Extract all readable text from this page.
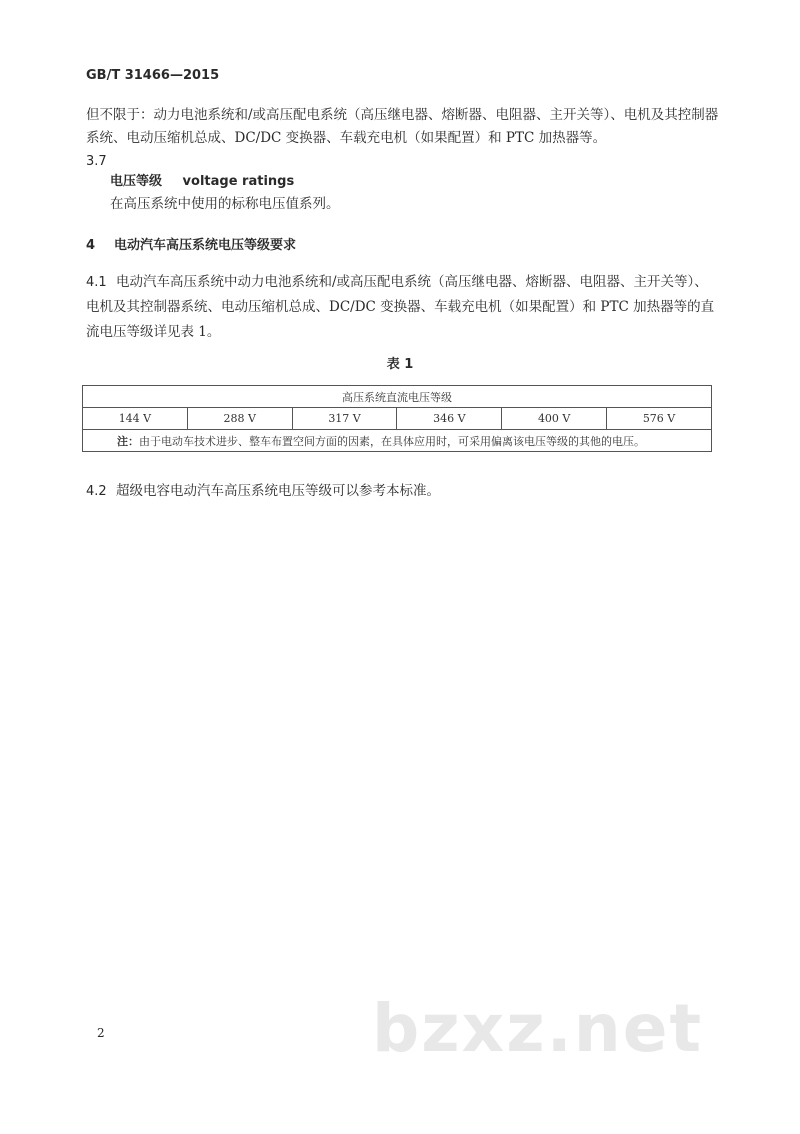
GB/T 31466—2015
但不限于：动力电池系统和/或高压配电系统（高压继电器、熔断器、电阻器、主开关等）、电机及其控制器
系统、电动压缩机总成、DC/DC 变换器、车载充电机（如果配置）和 PTC 加热器等。
3.7
电压等级 voltage ratings
在高压系统中使用的标称电压值系列。
4 电动汽车高压系统电压等级要求
4.1 电动汽车高压系统中动力电池系统和/或高压配电系统（高压继电器、熔断器、电阻器、主开关等）、
电机及其控制器系统、电动压缩机总成、DC/DC 变换器、车载充电机（如果配置）和 PTC 加热器等的直
流电压等级详见表 1。
表 1
高压系统直流电压等级
144 V	288 V	317 V	346 V	400 V	576 V
注：由于电动车技术进步、整车布置空间方面的因素，在具体应用时，可采用偏离该电压等级的其他的电压。
4.2 超级电容电动汽车高压系统电压等级可以参考本标准。
2	bzxz.net
